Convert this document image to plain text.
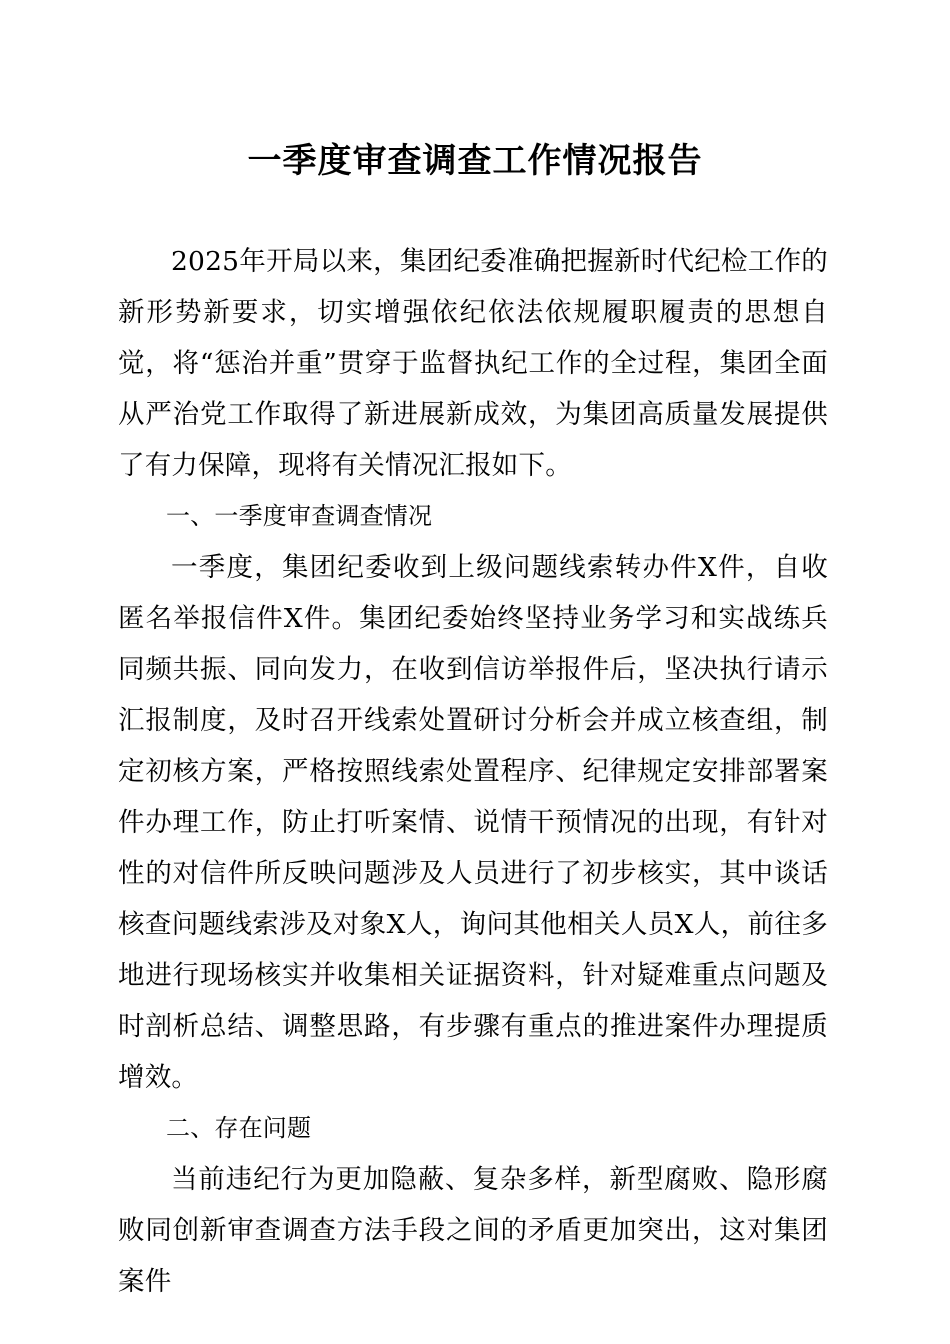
一季度审查调查工作情况报告

2025年开局以来，集团纪委准确把握新时代纪检工作的新形势新要求，切实增强依纪依法依规履职履责的思想自觉，将“惩治并重”贯穿于监督执纪工作的全过程，集团全面从严治党工作取得了新进展新成效，为集团高质量发展提供了有力保障，现将有关情况汇报如下。

一、一季度审查调查情况

一季度，集团纪委收到上级问题线索转办件X件，自收匿名举报信件X件。集团纪委始终坚持业务学习和实战练兵同频共振、同向发力，在收到信访举报件后，坚决执行请示汇报制度，及时召开线索处置研讨分析会并成立核查组，制定初核方案，严格按照线索处置程序、纪律规定安排部署案件办理工作，防止打听案情、说情干预情况的出现，有针对性的对信件所反映问题涉及人员进行了初步核实，其中谈话核查问题线索涉及对象X人，询问其他相关人员X人，前往多地进行现场核实并收集相关证据资料，针对疑难重点问题及时剖析总结、调整思路，有步骤有重点的推进案件办理提质增效。

二、存在问题

当前违纪行为更加隐蔽、复杂多样，新型腐败、隐形腐败同创新审查调查方法手段之间的矛盾更加突出，这对集团案件
